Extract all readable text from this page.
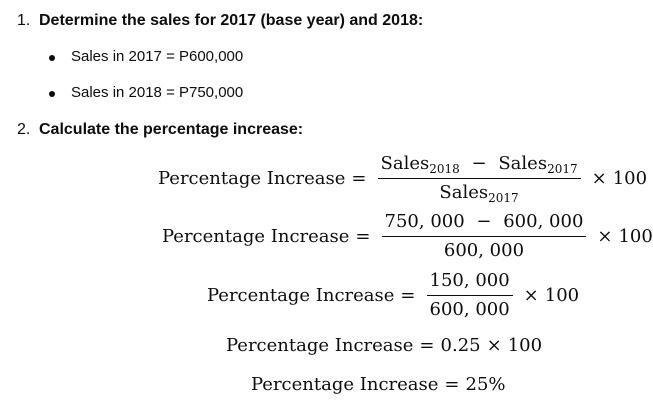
1. Determine the sales for 2017 (base year) and 2018:
Sales in 2017 = P600,000
Sales in 2018 = P750,000
2. Calculate the percentage increase:
Percentage Increase = $\frac{Sales_{2018} - Sales_{2017}}{Sales_{2017}} \times 100$
Percentage Increase = $\frac{750, 000 - 600, 000}{600, 000} \times 100$
Percentage Increase = $\frac{150, 000}{600, 000} \times 100$
Percentage Increase = 0.25 × 100
Percentage Increase = 25%
